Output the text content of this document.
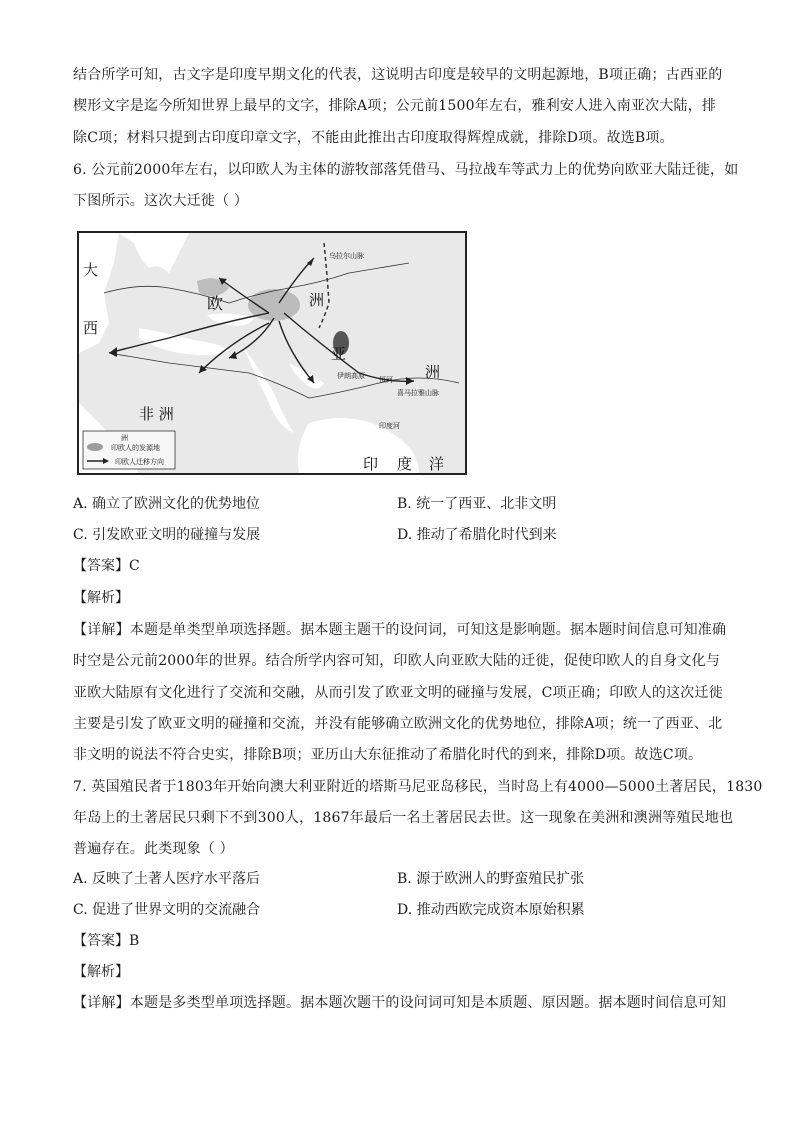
结合所学可知，古文字是印度早期文化的代表，这说明古印度是较早的文明起源地，B项正确；古西亚的
楔形文字是迄今所知世界上最早的文字，排除A项；公元前1500年左右，雅利安人进入南亚次大陆，排
除C项；材料只提到古印度印章文字，不能由此推出古印度取得辉煌成就，排除D项。故选B项。
6. 公元前2000年左右，以印欧人为主体的游牧部落凭借马、马拉战车等武力上的优势向欧亚大陆迁徙，如
下图所示。这次大迁徙（ ）
大
西
欧	洲
亚
洲
非 洲
印 度 洋
伊朗高原 恒河
喜马拉雅山脉
印度河
乌拉尔山脉
洲
印欧人的发源地
印欧人迁移方向
A. 确立了欧洲文化的优势地位	B. 统一了西亚、北非文明
C. 引发欧亚文明的碰撞与发展	D. 推动了希腊化时代到来
【答案】C
【解析】
【详解】本题是单类型单项选择题。据本题主题干的设问词，可知这是影响题。据本题时间信息可知准确
时空是公元前2000年的世界。结合所学内容可知，印欧人向亚欧大陆的迁徙，促使印欧人的自身文化与
亚欧大陆原有文化进行了交流和交融，从而引发了欧亚文明的碰撞与发展，C项正确；印欧人的这次迁徙
主要是引发了欧亚文明的碰撞和交流，并没有能够确立欧洲文化的优势地位，排除A项；统一了西亚、北
非文明的说法不符合史实，排除B项；亚历山大东征推动了希腊化时代的到来，排除D项。故选C项。
7. 英国殖民者于1803年开始向澳大利亚附近的塔斯马尼亚岛移民，当时岛上有4000—5000土著居民，1830
年岛上的土著居民只剩下不到300人，1867年最后一名土著居民去世。这一现象在美洲和澳洲等殖民地也
普遍存在。此类现象（ ）
A. 反映了土著人医疗水平落后	B. 源于欧洲人的野蛮殖民扩张
C. 促进了世界文明的交流融合	D. 推动西欧完成资本原始积累
【答案】B
【解析】
【详解】本题是多类型单项选择题。据本题次题干的设问词可知是本质题、原因题。据本题时间信息可知
